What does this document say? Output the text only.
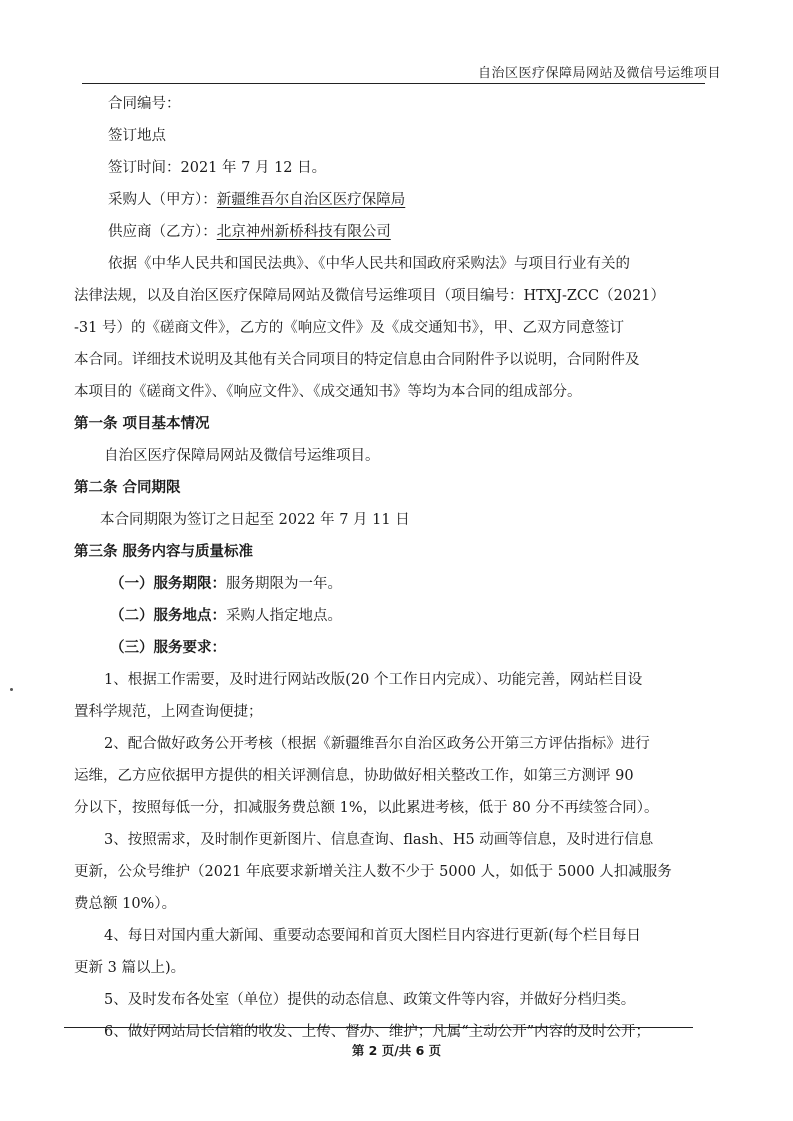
自治区医疗保障局网站及微信号运维项目
合同编号：
签订地点
签订时间：2021 年 7 月 12 日。
采购人（甲方）：新疆维吾尔自治区医疗保障局
供应商（乙方）：北京神州新桥科技有限公司
依据《中华人民共和国民法典》、《中华人民共和国政府采购法》与项目行业有关的
法律法规，以及自治区医疗保障局网站及微信号运维项目（项目编号：HTXJ-ZCC（2021）
-31 号）的《磋商文件》，乙方的《响应文件》及《成交通知书》，甲、乙双方同意签订
本合同。详细技术说明及其他有关合同项目的特定信息由合同附件予以说明，合同附件及
本项目的《磋商文件》、《响应文件》、《成交通知书》等均为本合同的组成部分。
第一条 项目基本情况
自治区医疗保障局网站及微信号运维项目。
第二条 合同期限
本合同期限为签订之日起至 2022 年 7 月 11 日
第三条 服务内容与质量标准
（一）服务期限：服务期限为一年。
（二）服务地点：采购人指定地点。
（三）服务要求：
1、根据工作需要，及时进行网站改版(20 个工作日内完成）、功能完善，网站栏目设
置科学规范，上网查询便捷；
2、配合做好政务公开考核（根据《新疆维吾尔自治区政务公开第三方评估指标》进行
运维，乙方应依据甲方提供的相关评测信息，协助做好相关整改工作，如第三方测评 90
分以下，按照每低一分，扣减服务费总额 1%，以此累进考核，低于 80 分不再续签合同）。
3、按照需求，及时制作更新图片、信息查询、flash、H5 动画等信息，及时进行信息
更新，公众号维护（2021 年底要求新增关注人数不少于 5000 人，如低于 5000 人扣减服务
费总额 10%）。
4、每日对国内重大新闻、重要动态要闻和首页大图栏目内容进行更新(每个栏目每日
更新 3 篇以上)。
5、及时发布各处室（单位）提供的动态信息、政策文件等内容，并做好分档归类。
6、做好网站局长信箱的收发、上传、督办、维护；凡属“主动公开”内容的及时公开；
第 2 页/共 6 页
